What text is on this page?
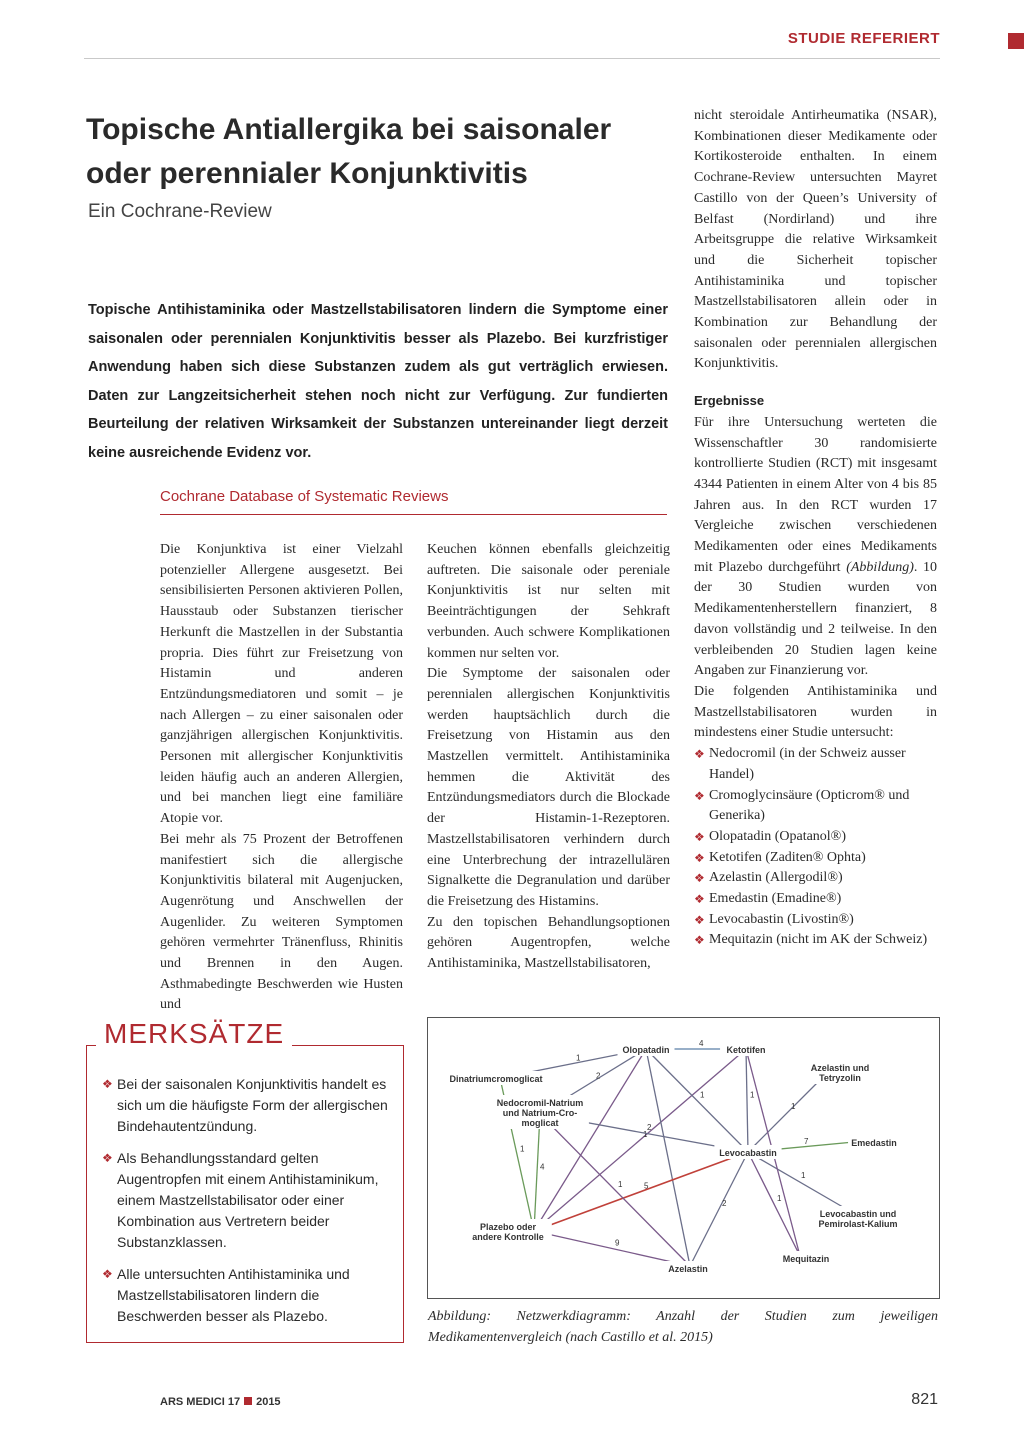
STUDIE REFERIERT
Topische Antiallergika bei saisonaler oder perennialer Konjunktivitis
Ein Cochrane-Review
Topische Antihistaminika oder Mastzellstabilisatoren lindern die Symptome einer saisonalen oder perennialen Konjunktivitis besser als Plazebo. Bei kurzfristiger Anwendung haben sich diese Substanzen zudem als gut verträglich erwiesen. Daten zur Langzeitsicherheit stehen noch nicht zur Verfügung. Zur fundierten Beurteilung der relativen Wirksamkeit der Substanzen untereinander liegt derzeit keine ausreichende Evidenz vor.
Cochrane Database of Systematic Reviews

Die Konjunktiva ist einer Vielzahl potenzieller Allergene ausgesetzt. Bei sensibilisierten Personen aktivieren Pollen, Hausstaub oder Substanzen tierischer Herkunft die Mastzellen in der Substantia propria. Dies führt zur Freisetzung von Histamin und anderen Entzündungsmediatoren und somit – je nach Allergen – zu einer saisonalen oder ganzjährigen allergischen Konjunktivitis. Personen mit allergischer Konjunktivitis leiden häufig auch an anderen Allergien, und bei manchen liegt eine familiäre Atopie vor.

Bei mehr als 75 Prozent der Betroffenen manifestiert sich die allergische Konjunktivitis bilateral mit Augenjucken, Augenrötung und Anschwellen der Augenlider. Zu weiteren Symptomen gehören vermehrter Tränenfluss, Rhinitis und Brennen in den Augen. Asthmabedingte Beschwerden wie Husten und

Keuchen können ebenfalls gleichzeitig auftreten. Die saisonale oder pereniale Konjunktivitis ist nur selten mit Beeinträchtigungen der Sehkraft verbunden. Auch schwere Komplikationen kommen nur selten vor.

Die Symptome der saisonalen oder perennialen allergischen Konjunktivitis werden hauptsächlich durch die Freisetzung von Histamin aus den Mastzellen vermittelt. Antihistaminika hemmen die Aktivität des Entzündungsmediators durch die Blockade der Histamin-1-Rezeptoren. Mastzellstabilisatoren verhindern durch eine Unterbrechung der intrazellulären Signalkette die Degranulation und darüber die Freisetzung des Histamins.

Zu den topischen Behandlungsoptionen gehören Augentropfen, welche Antihistaminika, Mastzellstabilisatoren,

nicht steroidale Antirheumatika (NSAR), Kombinationen dieser Medikamente oder Kortikosteroide enthalten. In einem Cochrane-Review untersuchten Mayret Castillo von der Queen’s University of Belfast (Nordirland) und ihre Arbeitsgruppe die relative Wirksamkeit und die Sicherheit topischer Antihistaminika und topischer Mastzellstabilisatoren allein oder in Kombination zur Behandlung der saisonalen oder perennialen allergischen Konjunktivitis.

Ergebnisse

Für ihre Untersuchung werteten die Wissenschaftler 30 randomisierte kontrollierte Studien (RCT) mit insgesamt 4344 Patienten in einem Alter von 4 bis 85 Jahren aus. In den RCT wurden 17 Vergleiche zwischen verschiedenen Medikamenten oder eines Medikaments mit Plazebo durchgeführt (Abbildung). 10 der 30 Studien wurden von Medikamentenherstellern finanziert, 8 davon vollständig und 2 teilweise. In den verbleibenden 20 Studien lagen keine Angaben zur Finanzierung vor.

Die folgenden Antihistaminika und Mastzellstabilisatoren wurden in mindestens einer Studie untersucht:

❖ Nedocromil (in der Schweiz ausser Handel)
❖ Cromoglycinsäure (Opticrom® und Generika)
❖ Olopatadin (Opatanol®)
❖ Ketotifen (Zaditen® Ophta)
❖ Azelastin (Allergodil®)
❖ Emedastin (Emadine®)
❖ Levocabastin (Livostin®)
❖ Mequitazin (nicht im AK der Schweiz)
MERKSÄTZE
❖ Bei der saisonalen Konjunktivitis handelt es sich um die häufigste Form der allergischen Bindehautentzündung.
❖ Als Behandlungsstandard gelten Augentropfen mit einem Antihistaminikum, einem Mastzellstabilisator oder einer Kombination aus Vertretern beider Substanzklassen.
❖ Alle untersuchten Antihistaminika und Mastzellstabilisatoren lindern die Beschwerden besser als Plazebo.
4
1
2
1
1
1
1
2
1
4
5
7
1
1
2
9
1
Olopatadin	Ketotifen
Azelastin und Tetryzolin
Dinatriumcromoglicat
Nedocromil-Natrium und Natrium-Cro-moglicat
Levocabastin
Emedastin
Plazebo oder andere Kontrolle
Levocabastin und Pemirolast-Kalium
Mequitazin
Azelastin
Abbildung: Netzwerkdiagramm: Anzahl der Studien zum jeweiligen Medikamentenvergleich (nach Castillo et al. 2015)
ARS MEDICI 17 2015	821
